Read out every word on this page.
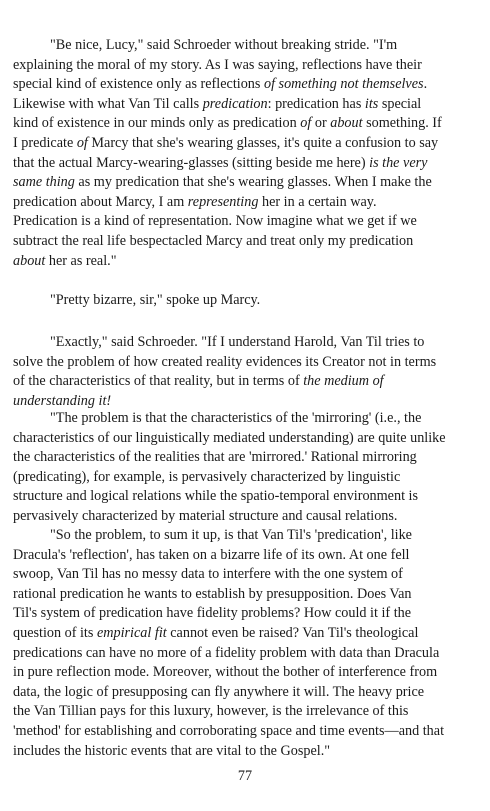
"Be nice, Lucy," said Schroeder without breaking stride. "I'm
explaining the moral of my story. As I was saying, reflections have their
special kind of existence only as reflections of something not themselves.
Likewise with what Van Til calls predication: predication has its special
kind of existence in our minds only as predication of or about something. If
I predicate of Marcy that she's wearing glasses, it's quite a confusion to say
that the actual Marcy-wearing-glasses (sitting beside me here) is the very
same thing as my predication that she's wearing glasses. When I make the
predication about Marcy, I am representing her in a certain way.
Predication is a kind of representation. Now imagine what we get if we
subtract the real life bespectacled Marcy and treat only my predication
about her as real."
"Pretty bizarre, sir," spoke up Marcy.
"Exactly," said Schroeder. "If I understand Harold, Van Til tries to
solve the problem of how created reality evidences its Creator not in terms
of the characteristics of that reality, but in terms of the medium of
understanding it!
"The problem is that the characteristics of the 'mirroring' (i.e., the
characteristics of our linguistically mediated understanding) are quite unlike
the characteristics of the realities that are 'mirrored.' Rational mirroring
(predicating), for example, is pervasively characterized by linguistic
structure and logical relations while the spatio-temporal environment is
pervasively characterized by material structure and causal relations.
"So the problem, to sum it up, is that Van Til's 'predication', like
Dracula's 'reflection', has taken on a bizarre life of its own. At one fell
swoop, Van Til has no messy data to interfere with the one system of
rational predication he wants to establish by presupposition. Does Van
Til's system of predication have fidelity problems? How could it if the
question of its empirical fit cannot even be raised? Van Til's theological
predications can have no more of a fidelity problem with data than Dracula
in pure reflection mode. Moreover, without the bother of interference from
data, the logic of presupposing can fly anywhere it will. The heavy price
the Van Tillian pays for this luxury, however, is the irrelevance of this
'method' for establishing and corroborating space and time events—and that
includes the historic events that are vital to the Gospel."
77
